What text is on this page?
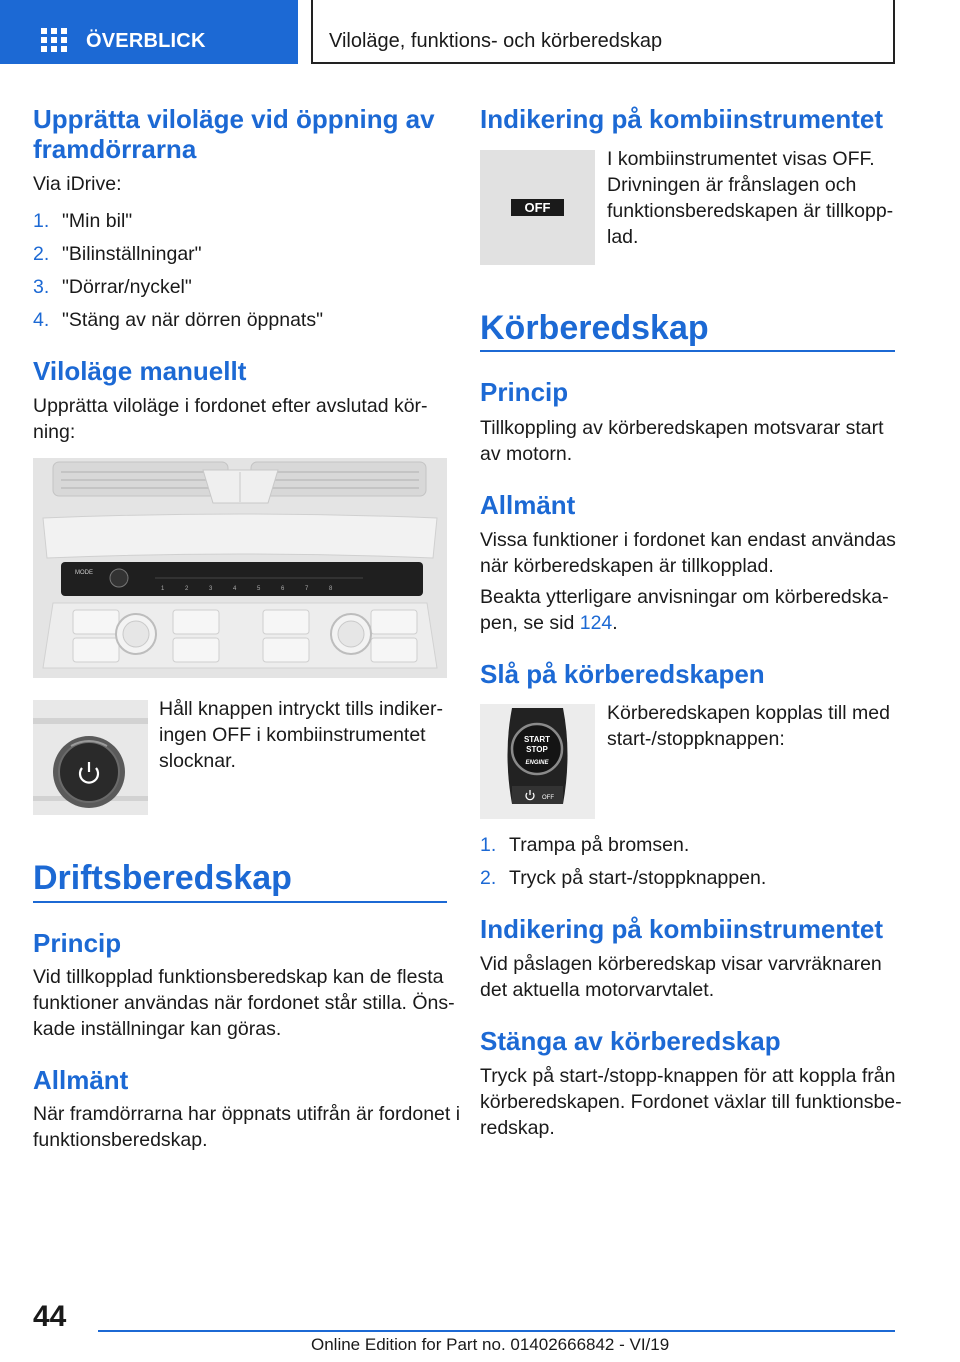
ÖVERBLICK	Viloläge, funktions- och körberedskap
Upprätta viloläge vid öppning av
framdörrarna
Via iDrive:
1. "Min bil"
2. "Bilinställningar"
3. "Dörrar/nyckel"
4. "Stäng av när dörren öppnats"
Viloläge manuellt
Upprätta viloläge i fordonet efter avslutad kör-
ning:
MODE
1	2	3	4	5	6	7	8
Håll knappen intryckt tills indiker-
ingen OFF i kombiinstrumentet
slocknar.
Driftsberedskap
Princip
Vid tillkopplad funktionsberedskap kan de flesta
funktioner användas när fordonet står stilla. Öns-
kade inställningar kan göras.
Allmänt
När framdörrarna har öppnats utifrån är fordonet i
funktionsberedskap.
Indikering på kombiinstrumentet
OFF
I kombiinstrumentet visas OFF.
Drivningen är frånslagen och
funktionsberedskapen är tillkopp-
lad.
Körberedskap
Princip
Tillkoppling av körberedskapen motsvarar start
av motorn.
Allmänt
Vissa funktioner i fordonet kan endast användas
när körberedskapen är tillkopplad.
Beakta ytterligare anvisningar om körberedska-
pen, se sid 124.
Slå på körberedskapen
START
STOP
ENGINE
OFF
Körberedskapen kopplas till med
start-/stoppknappen:
1. Trampa på bromsen.
2. Tryck på start-/stoppknappen.
Indikering på kombiinstrumentet
Vid påslagen körberedskap visar varvräknaren
det aktuella motorvarvtalet.
Stänga av körberedskap
Tryck på start-/stopp-knappen för att koppla från
körberedskapen. Fordonet växlar till funktionsbe-
redskap.
44
Online Edition for Part no. 01402666842 - VI/19
